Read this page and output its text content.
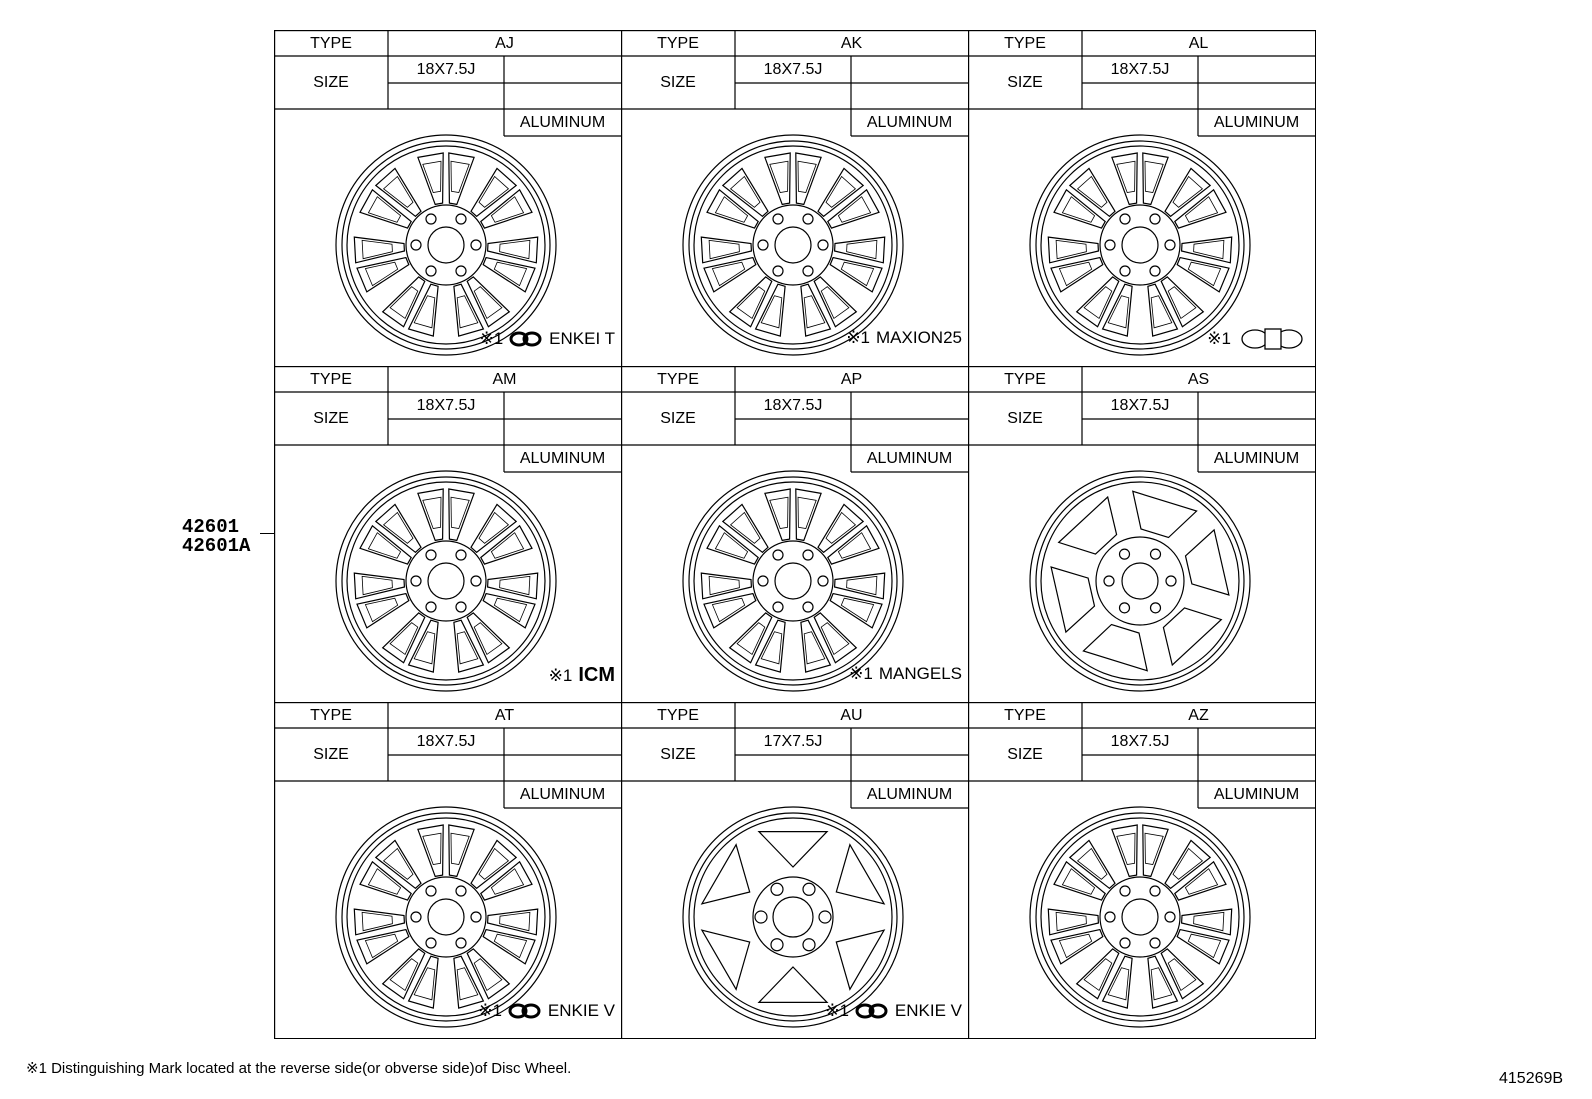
TYPE	AJ
SIZE
18X7.5J
ALUMINUM
※1	ENKEI T
TYPE	AK
SIZE
18X7.5J
ALUMINUM
※1 MAXION25
TYPE	AL
SIZE
18X7.5J
ALUMINUM
※1
TYPE	AM
SIZE
18X7.5J
ALUMINUM
※1 ICM
TYPE	AP
SIZE
18X7.5J
ALUMINUM
※1 MANGELS
TYPE	AS
SIZE
18X7.5J
ALUMINUM
TYPE	AT
SIZE
18X7.5J
ALUMINUM
※1	ENKIE V
TYPE	AU
SIZE
17X7.5J
ALUMINUM
※1	ENKIE V
TYPE	AZ
SIZE
18X7.5J
ALUMINUM
42601
42601A
※1 Distinguishing Mark located at the reverse side(or obverse side)of Disc Wheel.
415269B
